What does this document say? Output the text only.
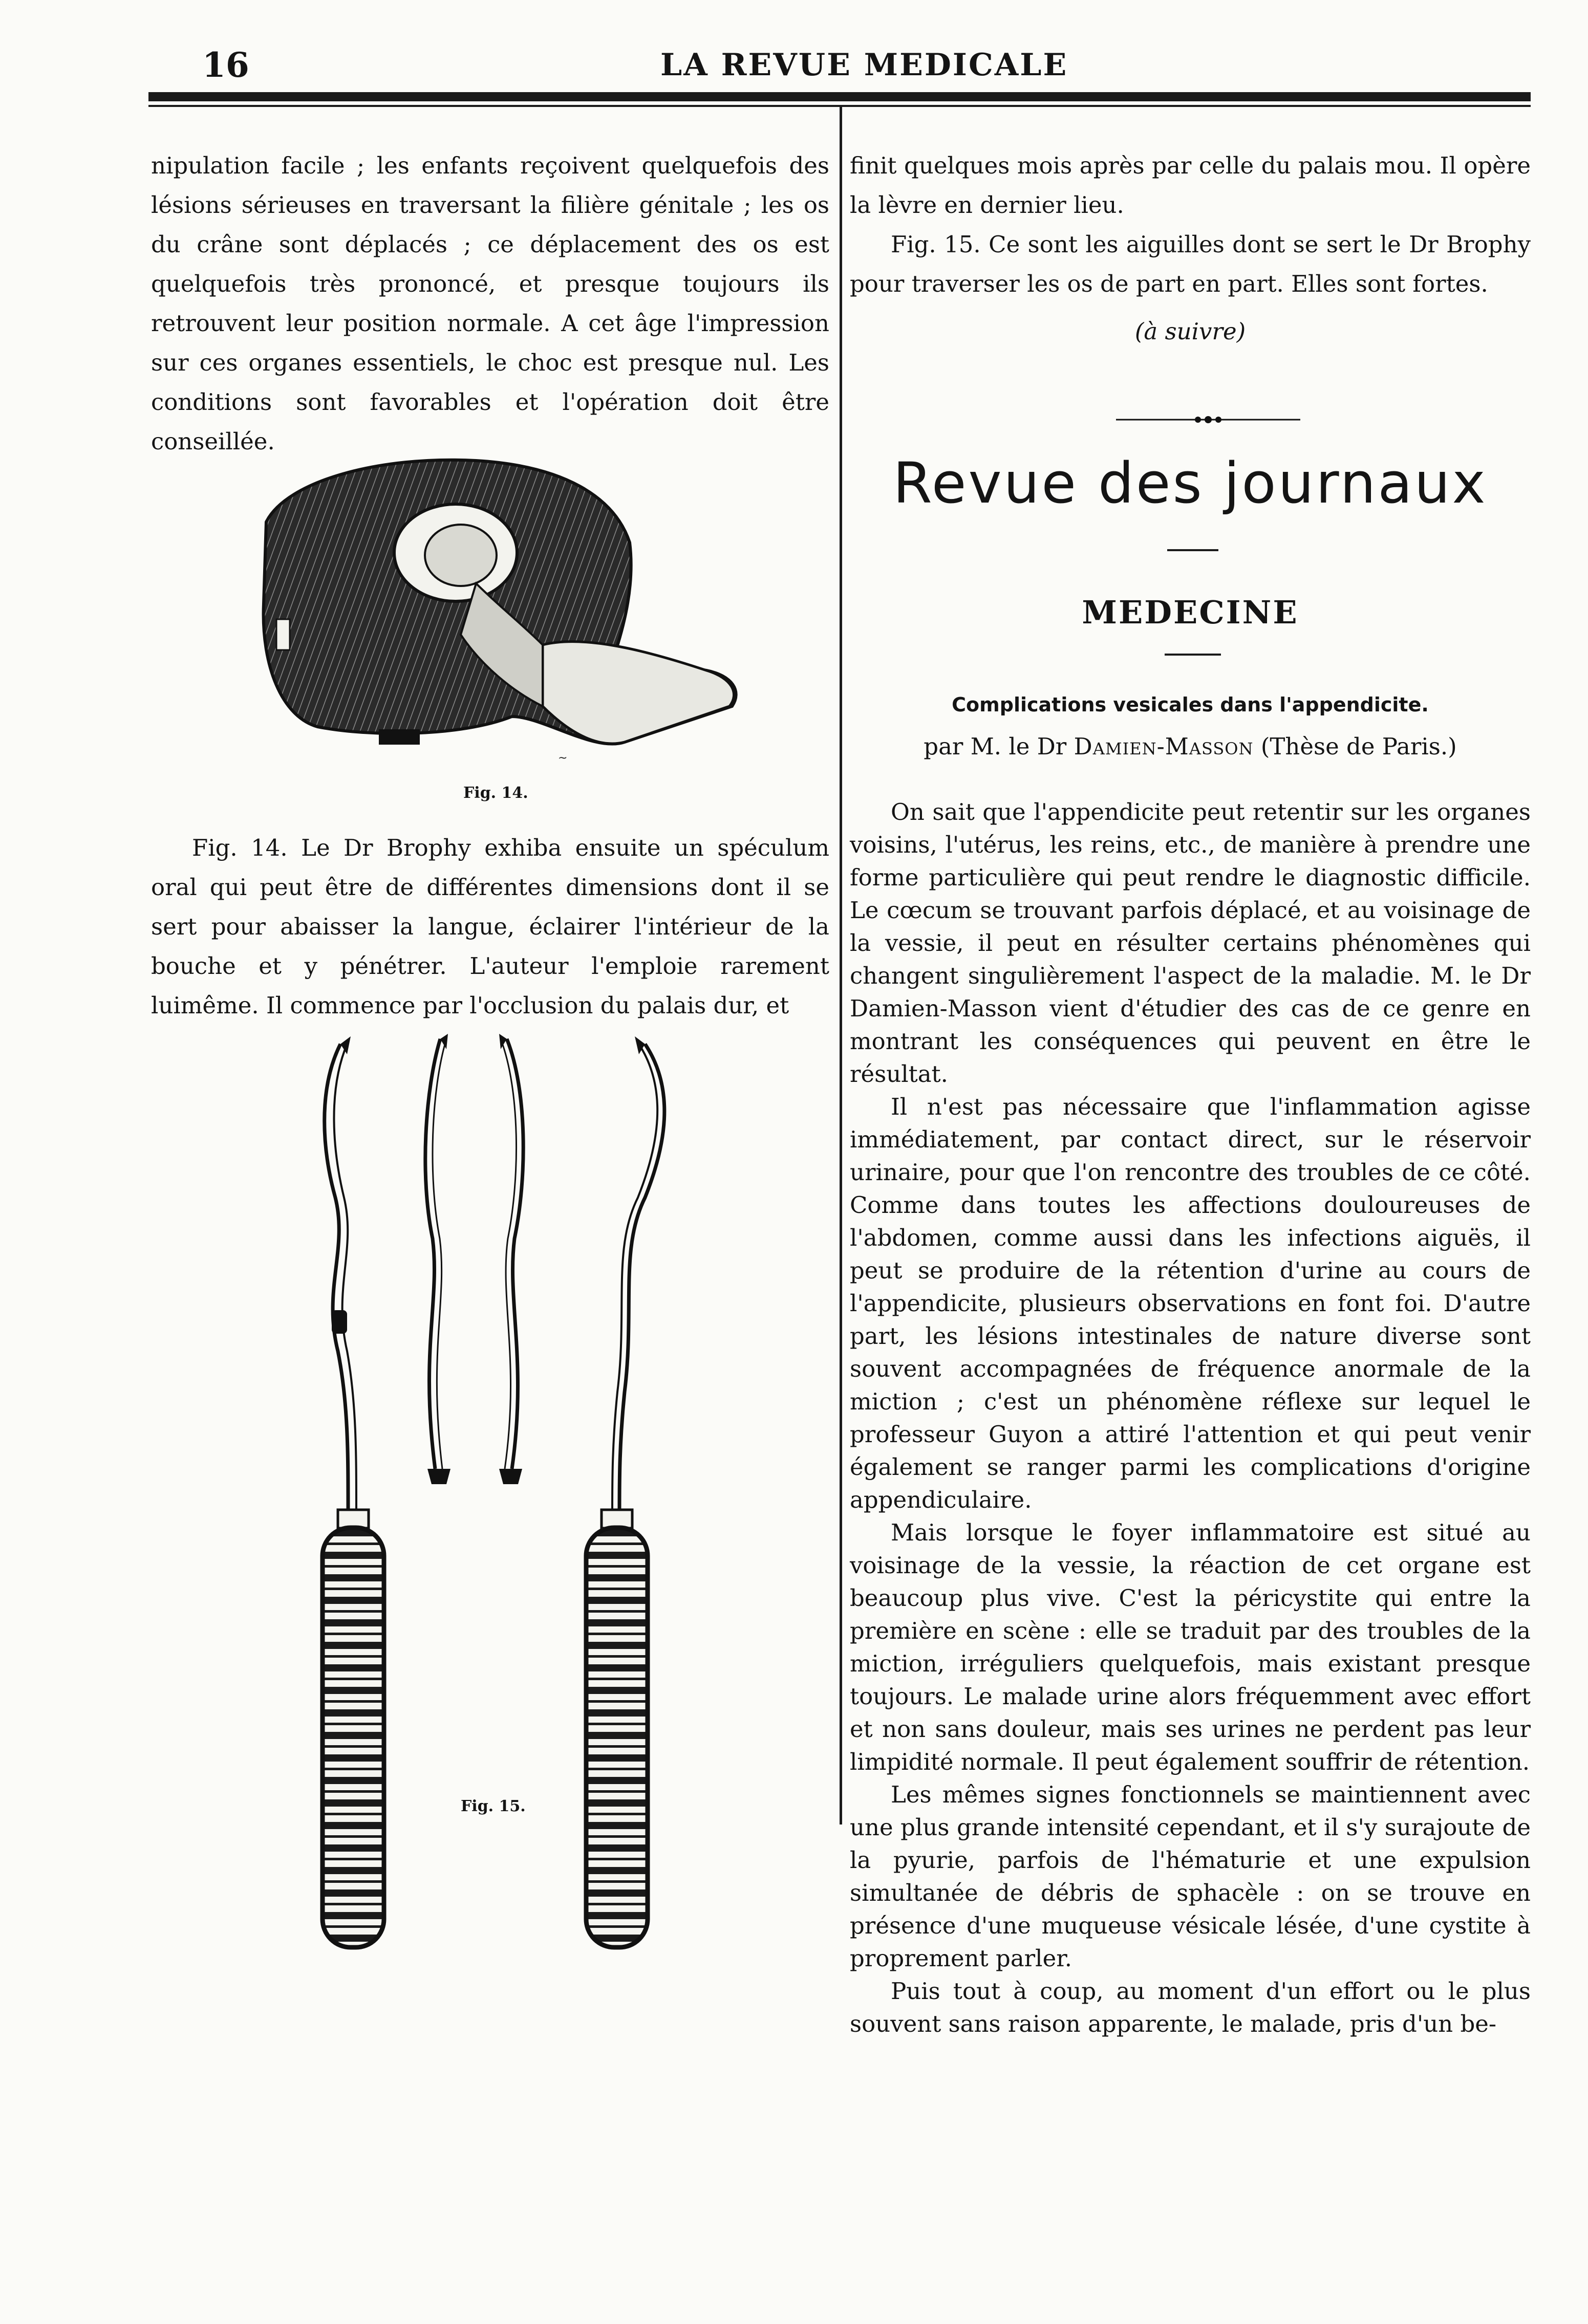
16	LA REVUE MEDICALE

nipulation facile ; les enfants reçoivent quelquefois des lésions sérieuses en traversant la filière génitale ; les os du crâne sont déplacés ; ce déplacement des os est quelquefois très prononcé, et presque toujours ils retrouvent leur position normale. A cet âge l'impression sur ces organes essentiels, le choc est presque nul. Les conditions sont favorables et l'opération doit être conseillée.

~
Fig. 14.

Fig. 14. Le Dr Brophy exhiba ensuite un spéculum oral qui peut être de différentes dimensions dont il se sert pour abaisser la langue, éclairer l'intérieur de la bouche et y pénétrer. L'auteur l'emploie rarement luimême. Il commence par l'occlusion du palais dur, et

Fig. 15.

finit quelques mois après par celle du palais mou. Il opère la lèvre en dernier lieu.

Fig. 15. Ce sont les aiguilles dont se sert le Dr Brophy pour traverser les os de part en part. Elles sont fortes.

(à suivre)

Revue des journaux
MEDECINE
Complications vesicales dans l'appendicite.
par M. le Dr Damien-Masson (Thèse de Paris.)

On sait que l'appendicite peut retentir sur les organes voisins, l'utérus, les reins, etc., de manière à prendre une forme particulière qui peut rendre le diagnostic difficile. Le cœcum se trouvant parfois déplacé, et au voisinage de la vessie, il peut en résulter certains phénomènes qui changent singulièrement l'aspect de la maladie. M. le Dr Damien-Masson vient d'étudier des cas de ce genre en montrant les conséquences qui peuvent en être le résultat.

Il n'est pas nécessaire que l'inflammation agisse immédiatement, par contact direct, sur le réservoir urinaire, pour que l'on rencontre des troubles de ce côté. Comme dans toutes les affections douloureuses de l'abdomen, comme aussi dans les infections aiguës, il peut se produire de la rétention d'urine au cours de l'appendicite, plusieurs observations en font foi. D'autre part, les lésions intestinales de nature diverse sont souvent accompagnées de fréquence anormale de la miction ; c'est un phénomène réflexe sur lequel le professeur Guyon a attiré l'attention et qui peut venir également se ranger parmi les complications d'origine appendiculaire.

Mais lorsque le foyer inflammatoire est situé au voisinage de la vessie, la réaction de cet organe est beaucoup plus vive. C'est la péricystite qui entre la première en scène : elle se traduit par des troubles de la miction, irréguliers quelquefois, mais existant presque toujours. Le malade urine alors fréquemment avec effort et non sans douleur, mais ses urines ne perdent pas leur limpidité normale. Il peut également souffrir de rétention.

Les mêmes signes fonctionnels se maintiennent avec une plus grande intensité cependant, et il s'y surajoute de la pyurie, parfois de l'hématurie et une expulsion simultanée de débris de sphacèle : on se trouve en présence d'une muqueuse vésicale lésée, d'une cystite à proprement parler.

Puis tout à coup, au moment d'un effort ou le plus souvent sans raison apparente, le malade, pris d'un be-
